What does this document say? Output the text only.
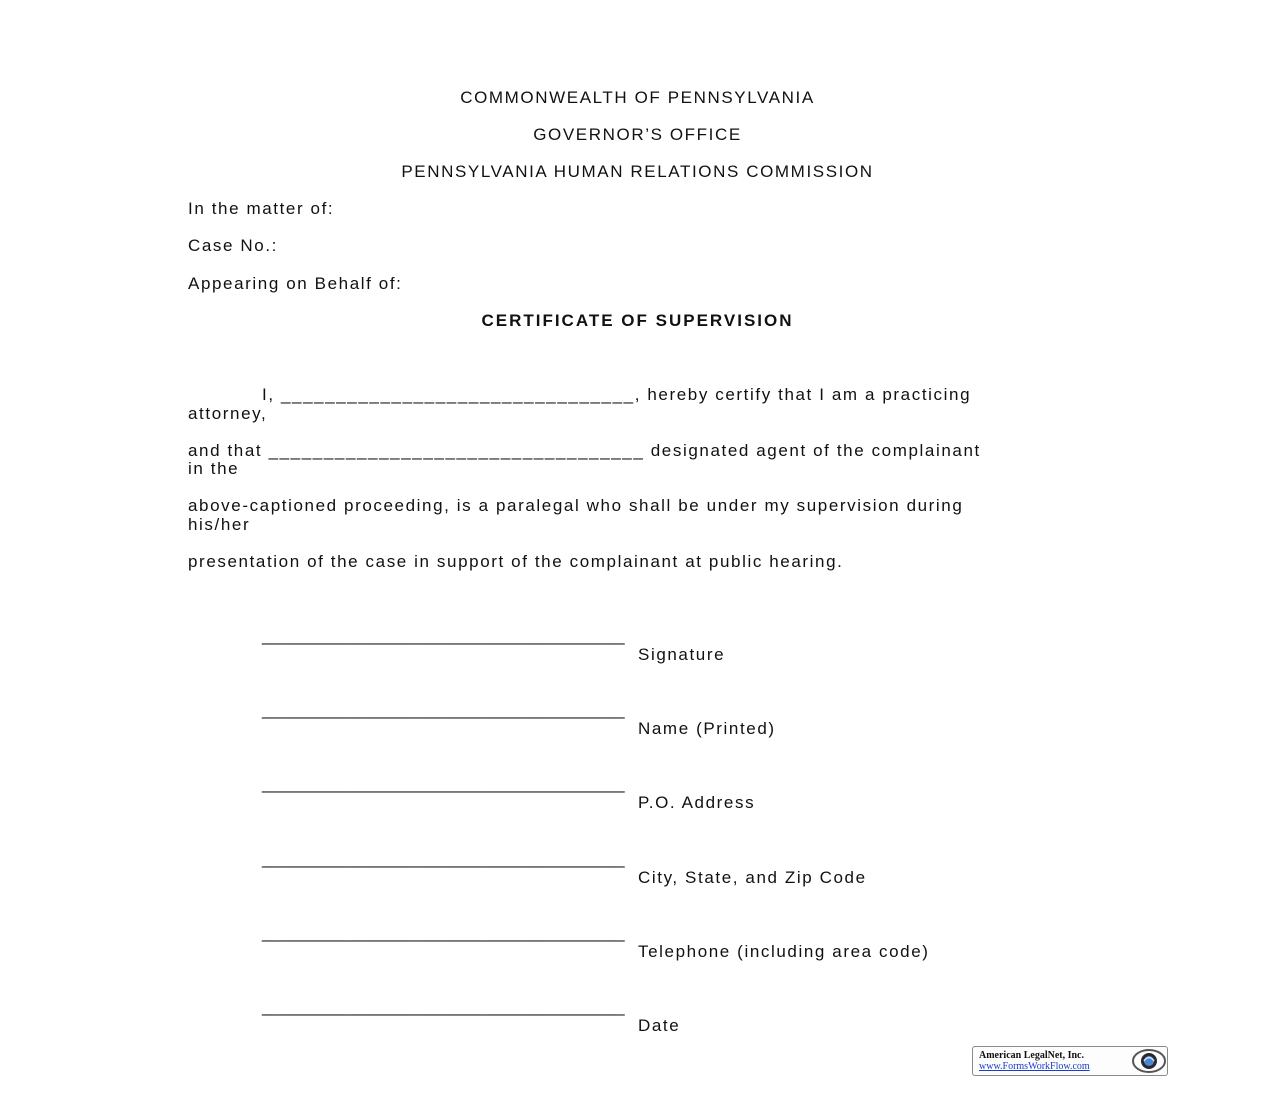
COMMONWEALTH OF PENNSYLVANIA
GOVERNOR’S OFFICE
PENNSYLVANIA HUMAN RELATIONS COMMISSION
In the matter of:
Case No.:
Appearing on Behalf of:
CERTIFICATE OF SUPERVISION
I, ________________________________, hereby certify that I am a practicing
attorney,
and that __________________________________ designated agent of the complainant
in the
above-captioned proceeding, is a paralegal who shall be under my supervision during
his/her
presentation of the case in support of the complainant at public hearing.
________________________________________
Signature
________________________________________
Name (Printed)
________________________________________
P.O. Address
________________________________________
City, State, and Zip Code
________________________________________
Telephone (including area code)
________________________________________
Date
American LegalNet, Inc.
www.FormsWorkFlow.com
